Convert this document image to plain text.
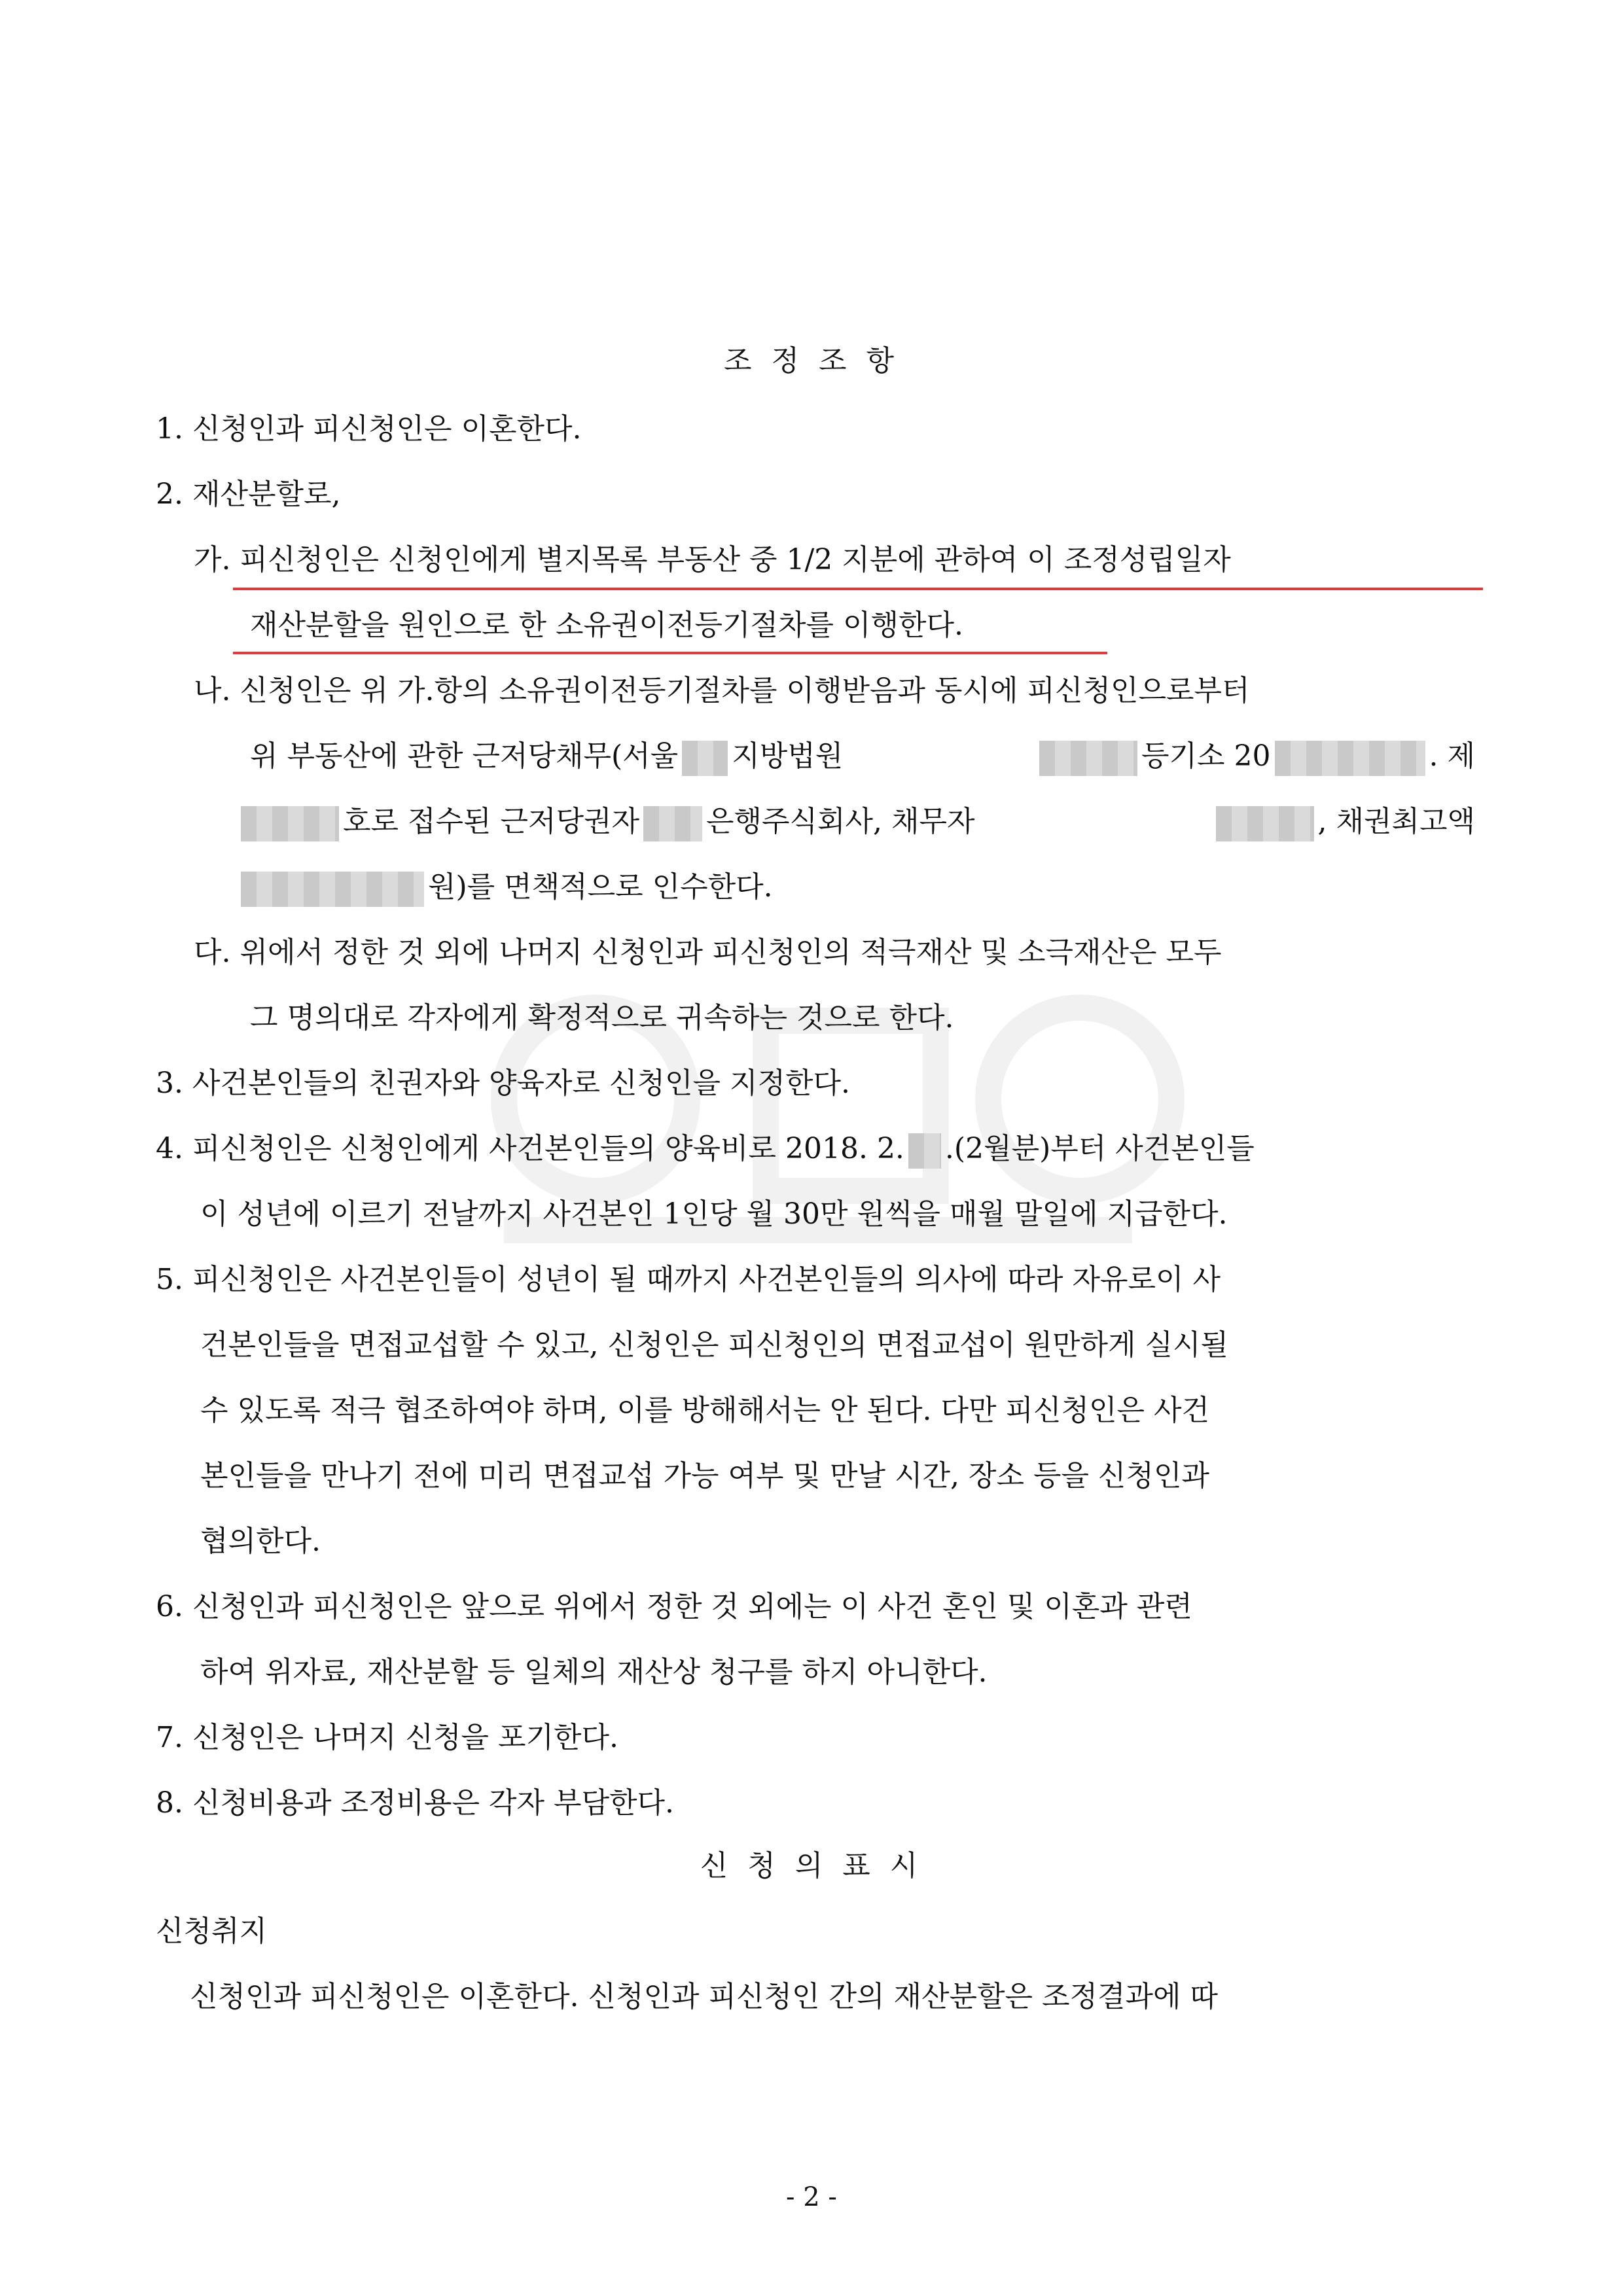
조 정 조 항
1. 신청인과 피신청인은 이혼한다.
2. 재산분할로,
가. 피신청인은 신청인에게 별지목록 부동산 중 1/2 지분에 관하여 이 조정성립일자
재산분할을 원인으로 한 소유권이전등기절차를 이행한다.
나. 신청인은 위 가.항의 소유권이전등기절차를 이행받음과 동시에 피신청인으로부터
위 부동산에 관한 근저당채무(서울 지방법원	등기소 20	. 제
호로 접수된 근저당권자 은행주식회사, 채무자	, 채권최고액
원)를 면책적으로 인수한다.
다. 위에서 정한 것 외에 나머지 신청인과 피신청인의 적극재산 및 소극재산은 모두
그 명의대로 각자에게 확정적으로 귀속하는 것으로 한다.
3. 사건본인들의 친권자와 양육자로 신청인을 지정한다.
4. 피신청인은 신청인에게 사건본인들의 양육비로 2018. 2. .(2월분)부터 사건본인들
이 성년에 이르기 전날까지 사건본인 1인당 월 30만 원씩을 매월 말일에 지급한다.
5. 피신청인은 사건본인들이 성년이 될 때까지 사건본인들의 의사에 따라 자유로이 사
건본인들을 면접교섭할 수 있고, 신청인은 피신청인의 면접교섭이 원만하게 실시될
수 있도록 적극 협조하여야 하며, 이를 방해해서는 안 된다. 다만 피신청인은 사건
본인들을 만나기 전에 미리 면접교섭 가능 여부 및 만날 시간, 장소 등을 신청인과
협의한다.
6. 신청인과 피신청인은 앞으로 위에서 정한 것 외에는 이 사건 혼인 및 이혼과 관련
하여 위자료, 재산분할 등 일체의 재산상 청구를 하지 아니한다.
7. 신청인은 나머지 신청을 포기한다.
8. 신청비용과 조정비용은 각자 부담한다.
신 청 의 표 시
신청취지
신청인과 피신청인은 이혼한다. 신청인과 피신청인 간의 재산분할은 조정결과에 따
- 2 -
